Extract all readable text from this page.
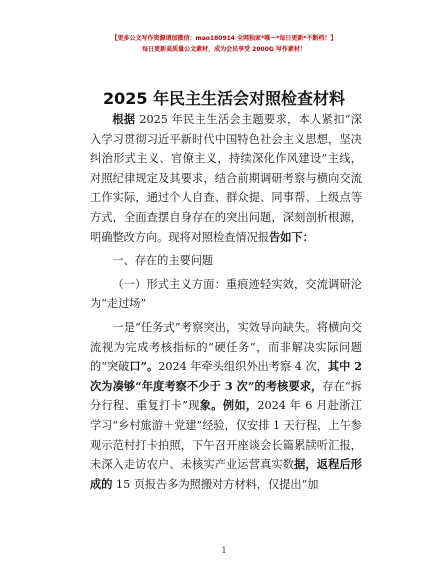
【更多公文写作资源请加微信：mao180914 全网独家*唯一*每日更新*不断档！】
每日更新高质量公文素材，成为会员享受 2000G 写作素材！
2025 年民主生活会对照检查材料

根据 2025 年民主生活会主题要求，本人紧扣“深入学习贯彻习近平新时代中国特色社会主义思想，坚决纠治形式主义、官僚主义，持续深化作风建设”主线，对照纪律规定及其要求，结合前期调研考察与横向交流工作实际，通过个人自查、群众提、同事帮、上级点等方式，全面查摆自身存在的突出问题，深刻剖析根源，明确整改方向。现将对照检查情况报告如下：

一、存在的主要问题

（一）形式主义方面：重痕迹轻实效，交流调研沦为“走过场”

一是“任务式”考察突出，实效导向缺失。将横向交流视为完成考核指标的“硬任务”，而非解决实际问题的“突破口”。2024 年牵头组织外出考察 4 次，其中 2 次为凑够“年度考察不少于 3 次”的考核要求，存在“拆分行程、重复打卡”现象。例如，2024 年 6 月赴浙江学习“乡村旅游＋党建”经验，仅安排 1 天行程，上午参观示范村打卡拍照，下午召开座谈会长篇累牍听汇报，未深入走访农户、未核实产业运营真实数据，返程后形成的 15 页报告多为照搬对方材料，仅提出“加

1
